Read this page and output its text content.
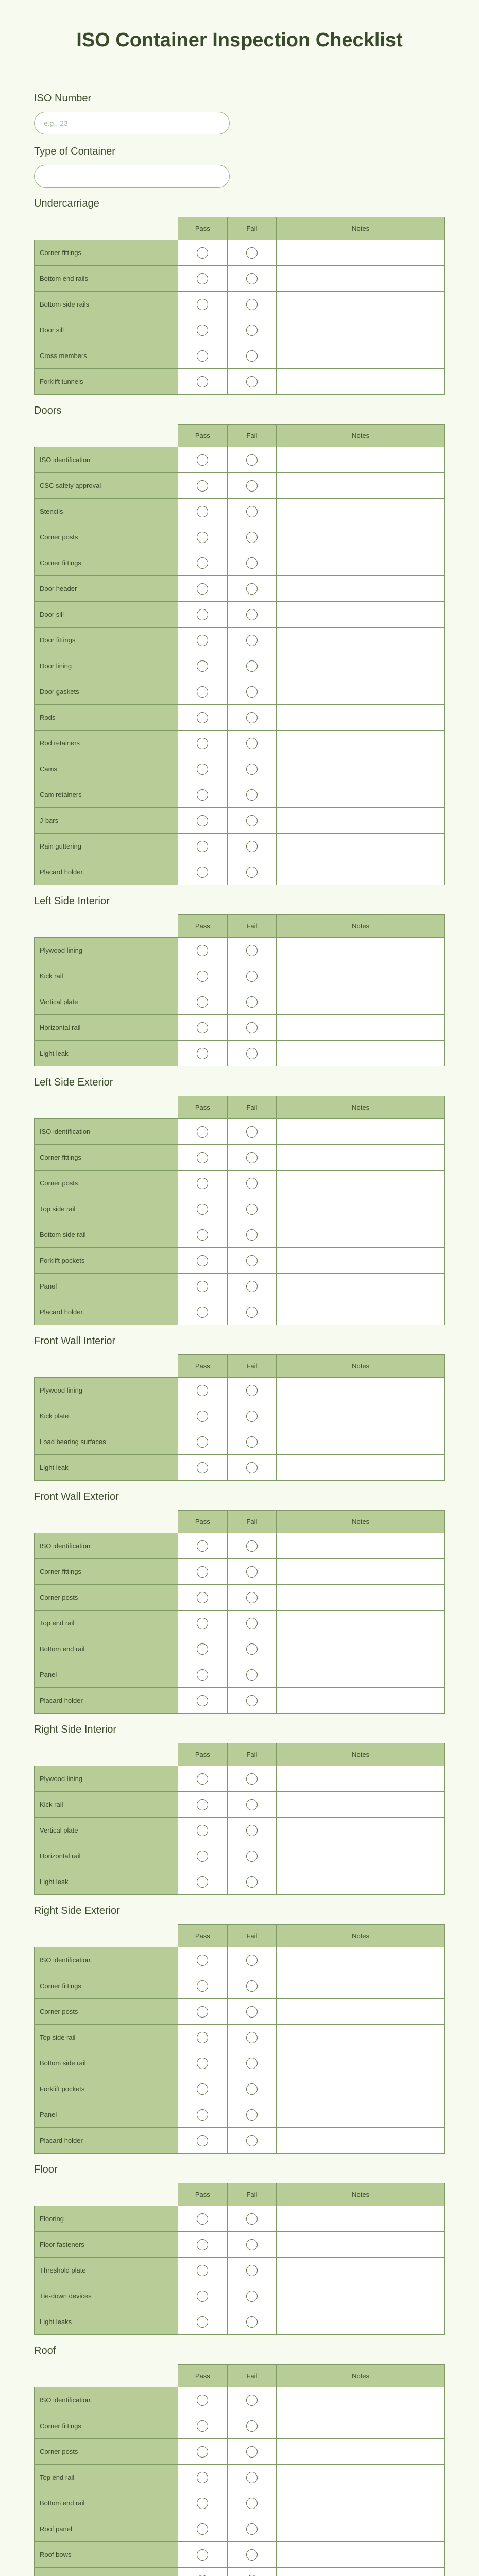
ISO Container Inspection Checklist
ISO Number
e.g., 23
Type of Container
Undercarriage
	Pass	Fail	Notes
Corner fittings			
Bottom end rails			
Bottom side rails			
Door sill			
Cross members			
Forklift tunnels			
Doors
	Pass	Fail	Notes
ISO identification			
CSC safety approval			
Stencils			
Corner posts			
Corner fittings			
Door header			
Door sill			
Door fittings			
Door lining			
Door gaskets			
Rods			
Rod retainers			
Cams			
Cam retainers			
J-bars			
Rain guttering			
Placard holder			
Left Side Interior
	Pass	Fail	Notes
Plywood lining			
Kick rail			
Vertical plate			
Horizontal rail			
Light leak			
Left Side Exterior
	Pass	Fail	Notes
ISO identification			
Corner fittings			
Corner posts			
Top side rail			
Bottom side rail			
Forklift pockets			
Panel			
Placard holder			
Front Wall Interior
	Pass	Fail	Notes
Plywood lining			
Kick plate			
Load bearing surfaces			
Light leak			
Front Wall Exterior
	Pass	Fail	Notes
ISO identification			
Corner fittings			
Corner posts			
Top end rail			
Bottom end rail			
Panel			
Placard holder			
Right Side Interior
	Pass	Fail	Notes
Plywood lining			
Kick rail			
Vertical plate			
Horizontal rail			
Light leak			
Right Side Exterior
	Pass	Fail	Notes
ISO identification			
Corner fittings			
Corner posts			
Top side rail			
Bottom side rail			
Forklift pockets			
Panel			
Placard holder			
Floor
	Pass	Fail	Notes
Flooring			
Floor fasteners			
Threshold plate			
Tie-down devices			
Light leaks			
Roof
	Pass	Fail	Notes
ISO identification			
Corner fittings			
Corner posts			
Top end rail			
Bottom end rail			
Roof panel			
Roof bows			
